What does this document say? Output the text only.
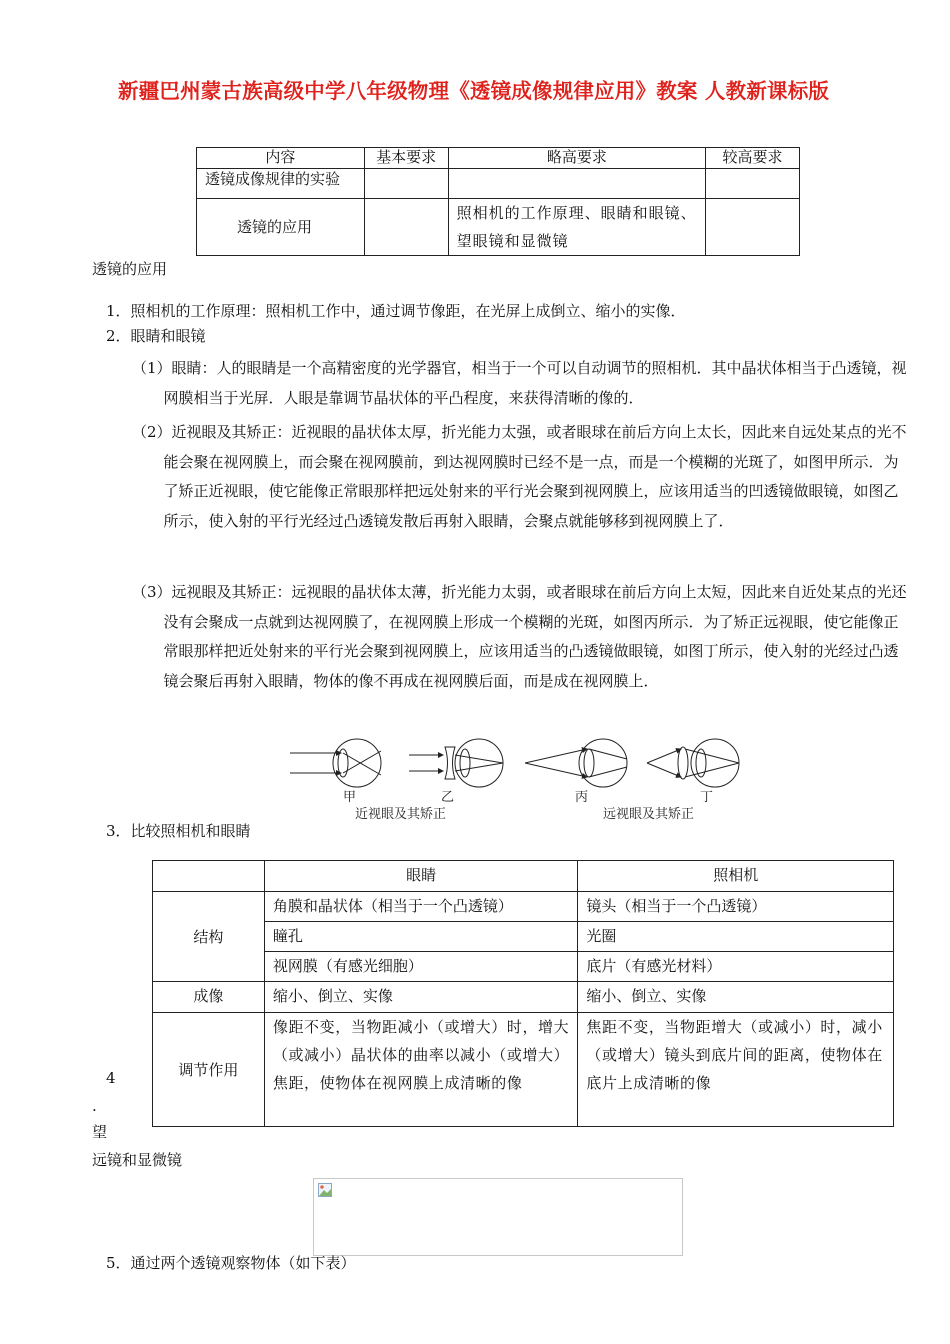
新疆巴州蒙古族高级中学八年级物理《透镜成像规律应用》教案 人教新课标版
内容	基本要求	略高要求	较高要求
透镜成像规律的实验			
透镜的应用		照相机的工作原理、眼睛和眼镜、望眼镜和显微镜	
透镜的应用
1．照相机的工作原理：照相机工作中，通过调节像距，在光屏上成倒立、缩小的实像．
2．眼睛和眼镜
（1）眼睛：人的眼睛是一个高精密度的光学器官，相当于一个可以自动调节的照相机．其中晶状体相当于凸透镜，视网膜相当于光屏．人眼是靠调节晶状体的平凸程度，来获得清晰的像的．
（2）近视眼及其矫正：近视眼的晶状体太厚，折光能力太强，或者眼球在前后方向上太长，因此来自远处某点的光不能会聚在视网膜上，而会聚在视网膜前，到达视网膜时已经不是一点，而是一个模糊的光斑了，如图甲所示．为了矫正近视眼，使它能像正常眼那样把远处射来的平行光会聚到视网膜上，应该用适当的凹透镜做眼镜，如图乙所示，使入射的平行光经过凸透镜发散后再射入眼睛，会聚点就能够移到视网膜上了．
（3）远视眼及其矫正：远视眼的晶状体太薄，折光能力太弱，或者眼球在前后方向上太短，因此来自近处某点的光还没有会聚成一点就到达视网膜了，在视网膜上形成一个模糊的光斑，如图丙所示．为了矫正远视眼，使它能像正常眼那样把近处射来的平行光会聚到视网膜上，应该用适当的凸透镜做眼镜，如图丁所示，使入射的光经过凸透镜会聚后再射入眼睛，物体的像不再成在视网膜后面，而是成在视网膜上．
甲	乙	丙	丁
近视眼及其矫正	远视眼及其矫正
3．比较照相机和眼睛
	眼睛	照相机
结构	角膜和晶状体（相当于一个凸透镜）	镜头（相当于一个凸透镜）
	瞳孔	光圈
	视网膜（有感光细胞）	底片（有感光材料）
成像	缩小、倒立、实像	缩小、倒立、实像
调节作用	像距不变，当物距减小（或增大）时，增大（或减小）晶状体的曲率以减小（或增大）焦距，使物体在视网膜上成清晰的像	焦距不变，当物距增大（或减小）时，减小（或增大）镜头到底片间的距离，使物体在底片上成清晰的像
4
.
望
远镜和显微镜
5．通过两个透镜观察物体（如下表）
